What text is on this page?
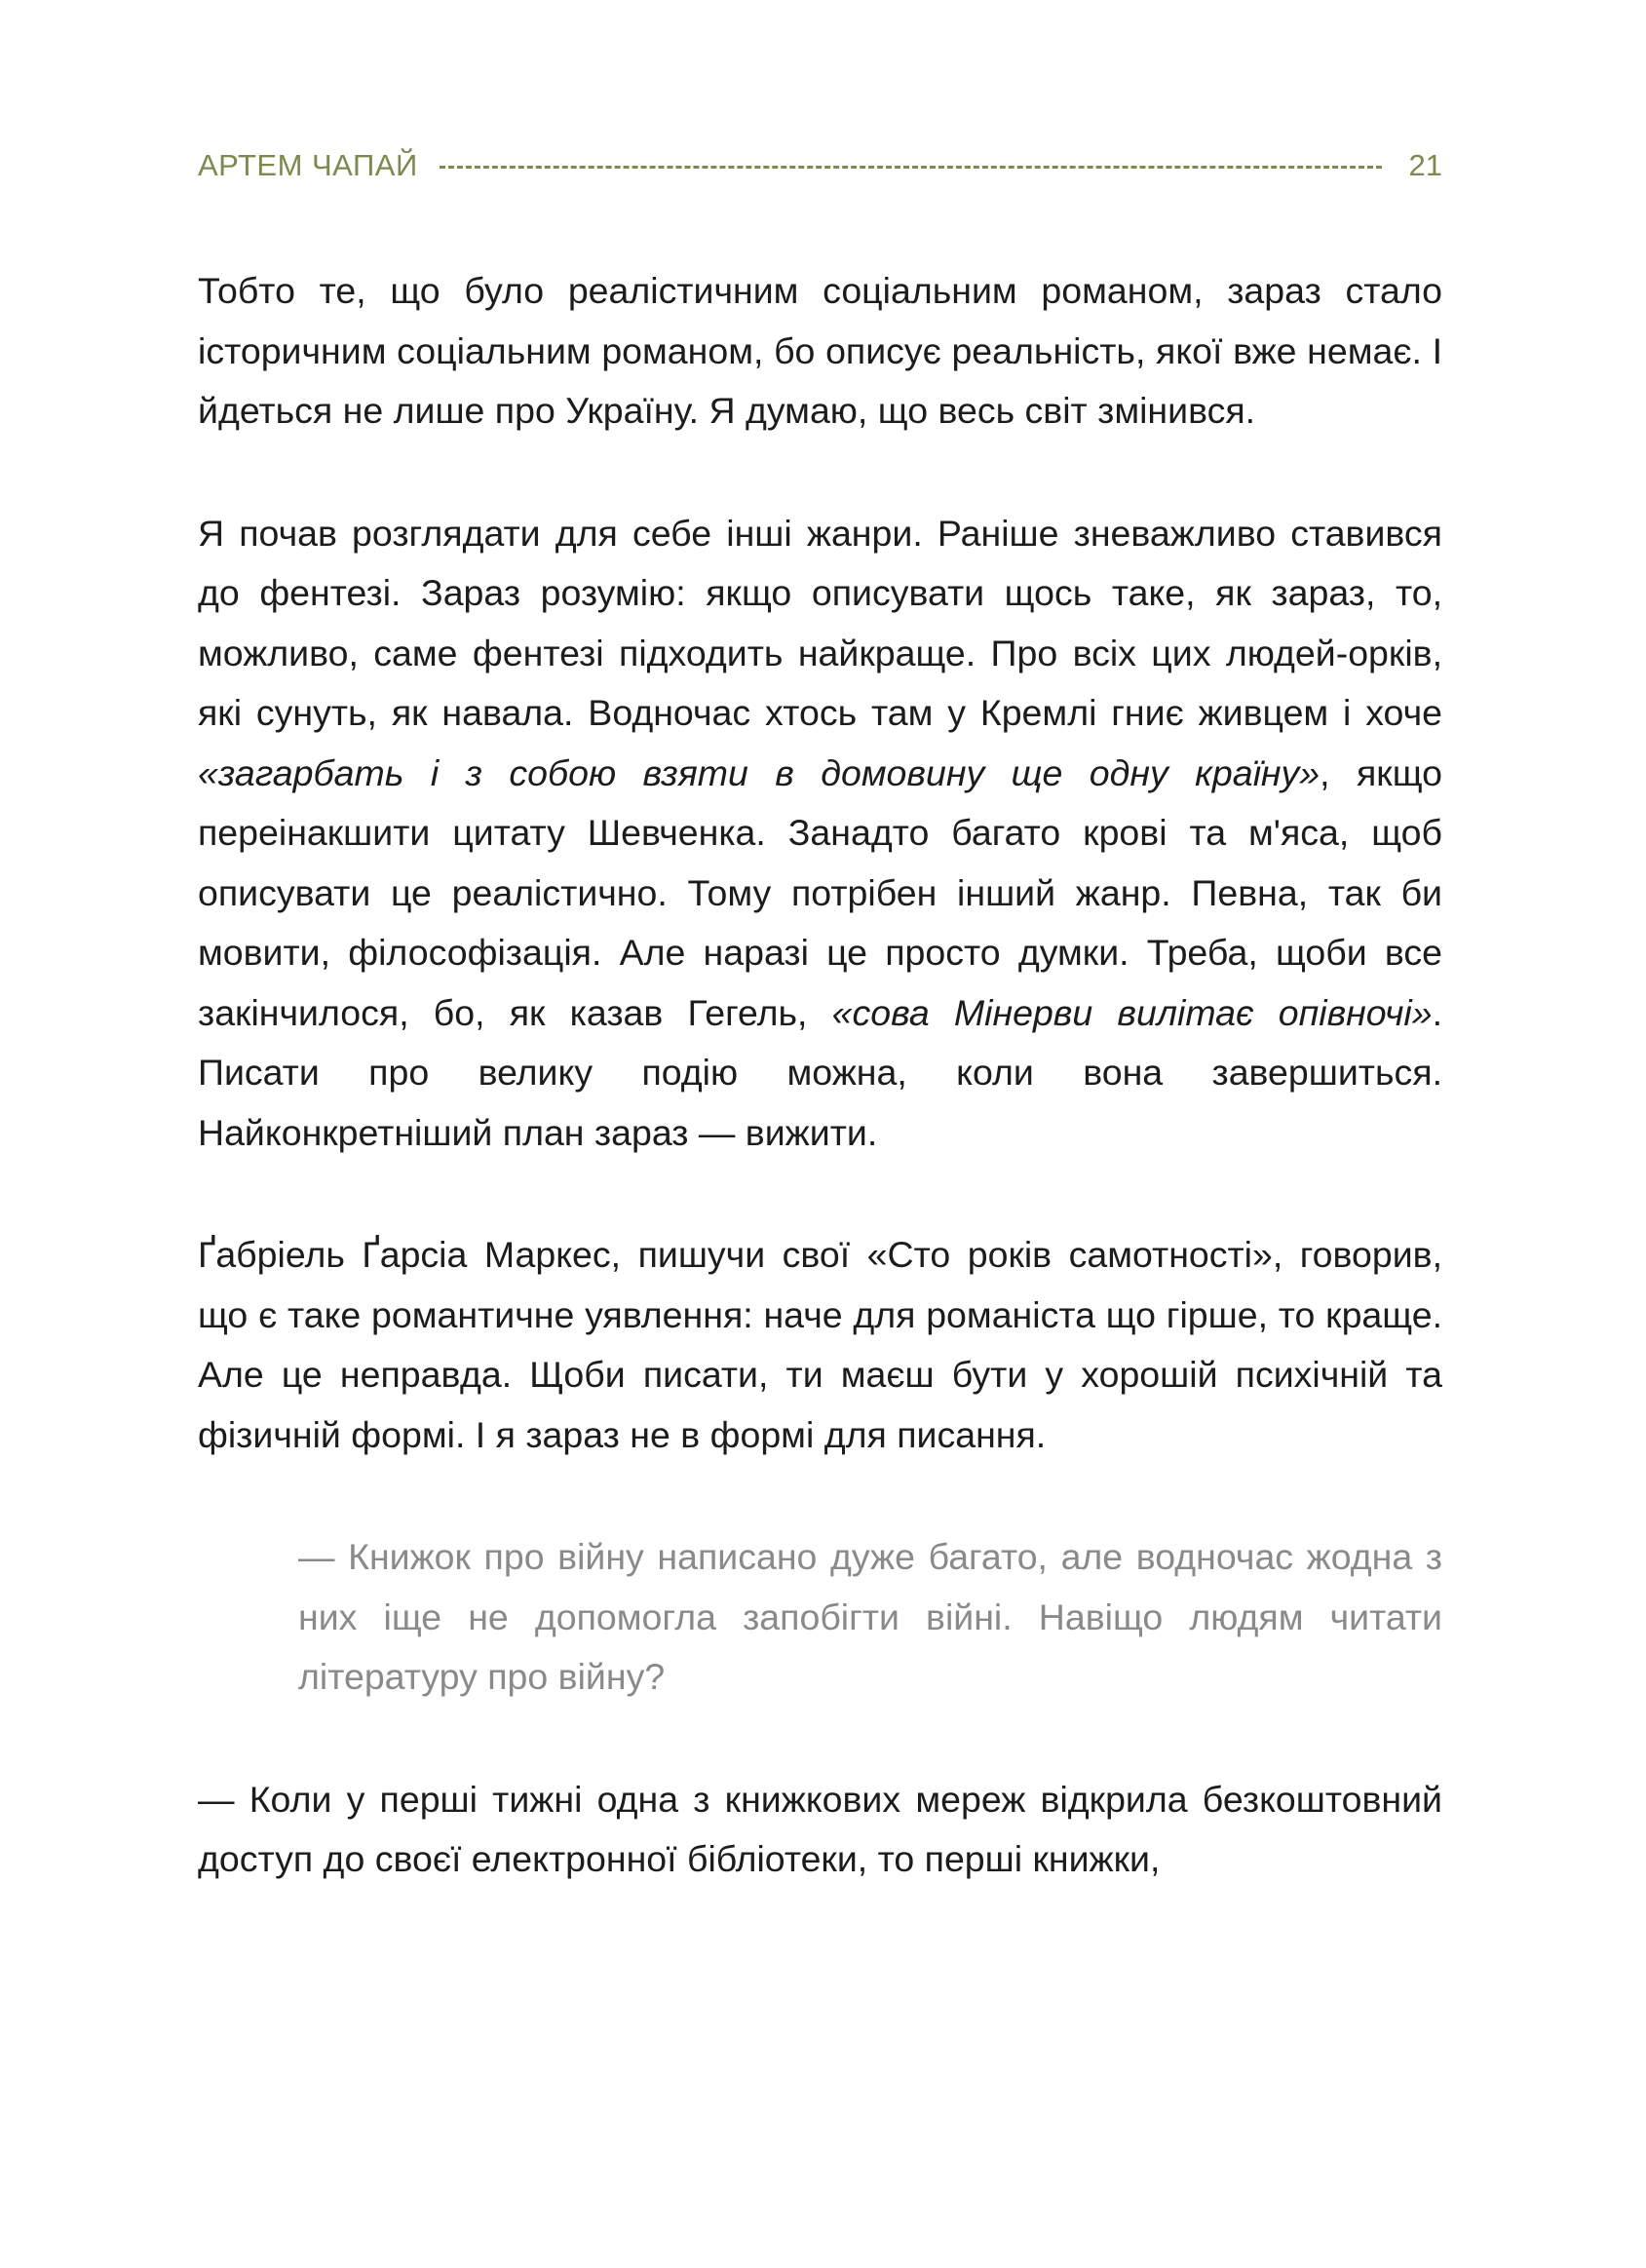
АРТЕМ ЧАПАЙ	21

Тобто те, що було реалістичним соціальним романом, зараз стало історичним соціальним романом, бо описує реальність, якої вже немає. І йдеться не лише про Україну. Я думаю, що весь світ змінився.

Я почав розглядати для себе інші жанри. Раніше зневажливо ставився до фентезі. Зараз розумію: якщо описувати щось таке, як зараз, то, можливо, саме фентезі підходить найкраще. Про всіх цих людей-орків, які сунуть, як навала. Водночас хтось там у Кремлі гниє живцем і хоче «загарбать і з собою взяти в домовину ще одну країну», якщо переінакшити цитату Шевченка. Занадто багато крові та м'яса, щоб описувати це реалістично. Тому потрібен інший жанр. Певна, так би мовити, філософізація. Але наразі це просто думки. Треба, щоби все закінчилося, бо, як казав Гегель, «сова Мінерви вилітає опівночі». Писати про велику подію можна, коли вона завершиться. Найконкретніший план зараз — вижити.

Ґабріель Ґарсіа Маркес, пишучи свої «Сто років самотності», говорив, що є таке романтичне уявлення: наче для романіста що гірше, то краще. Але це неправда. Щоби писати, ти маєш бути у хорошій психічній та фізичній формі. І я зараз не в формі для писання.

— Книжок про війну написано дуже багато, але водночас жодна з них іще не допомогла запобігти війні. Навіщо людям читати літературу про війну?

— Коли у перші тижні одна з книжкових мереж відкрила безкоштовний доступ до своєї електронної бібліотеки, то перші книжки,
